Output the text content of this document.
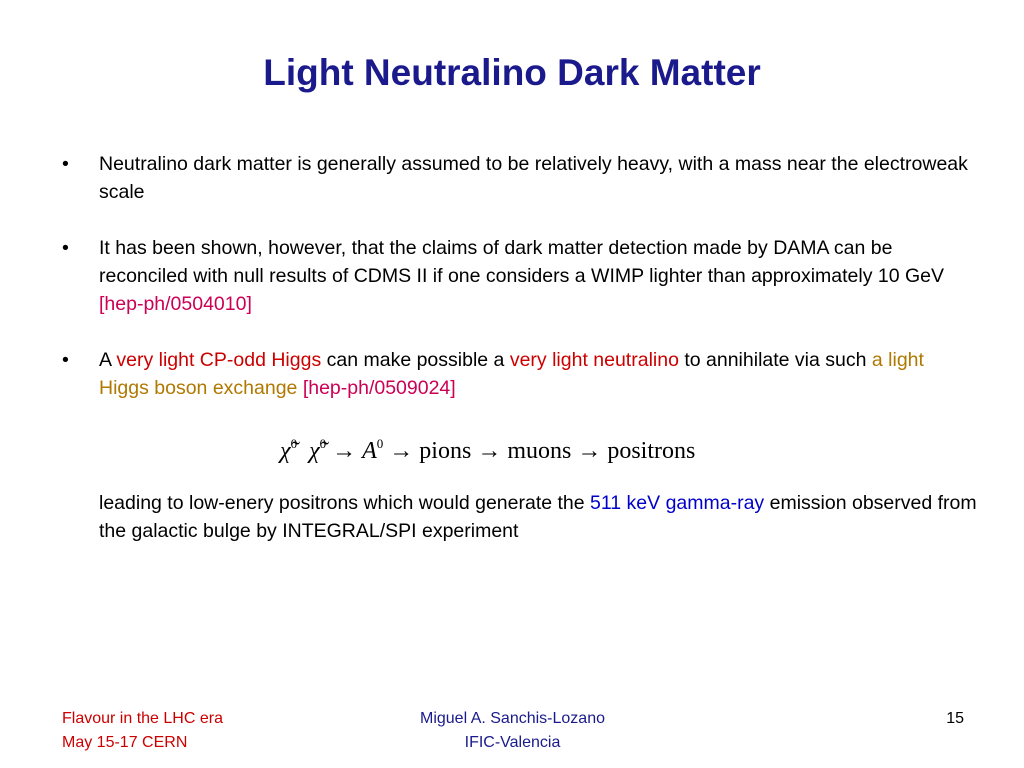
Light Neutralino Dark Matter
• Neutralino dark matter is generally assumed to be relatively heavy, with a mass near the electroweak scale
• It has been shown, however, that the claims of dark matter detection made by DAMA can be reconciled with null results of CDMS II if one considers a WIMP lighter than approximately 10 GeV  [hep-ph/0504010]
• A very light CP-odd Higgs can make possible a very light neutralino to annihilate via such a light Higgs boson exchange [hep-ph/0509024]
χ̃$^0$ χ̃$^0$ → $A^0$ → pions → muons → positrons
leading to low-enery positrons which would generate the 511 keV gamma-ray emission observed from the galactic bulge by INTEGRAL/SPI experiment
Flavour in the LHC era
May 15-17 CERN
Miguel A. Sanchis-Lozano
IFIC-Valencia
15
